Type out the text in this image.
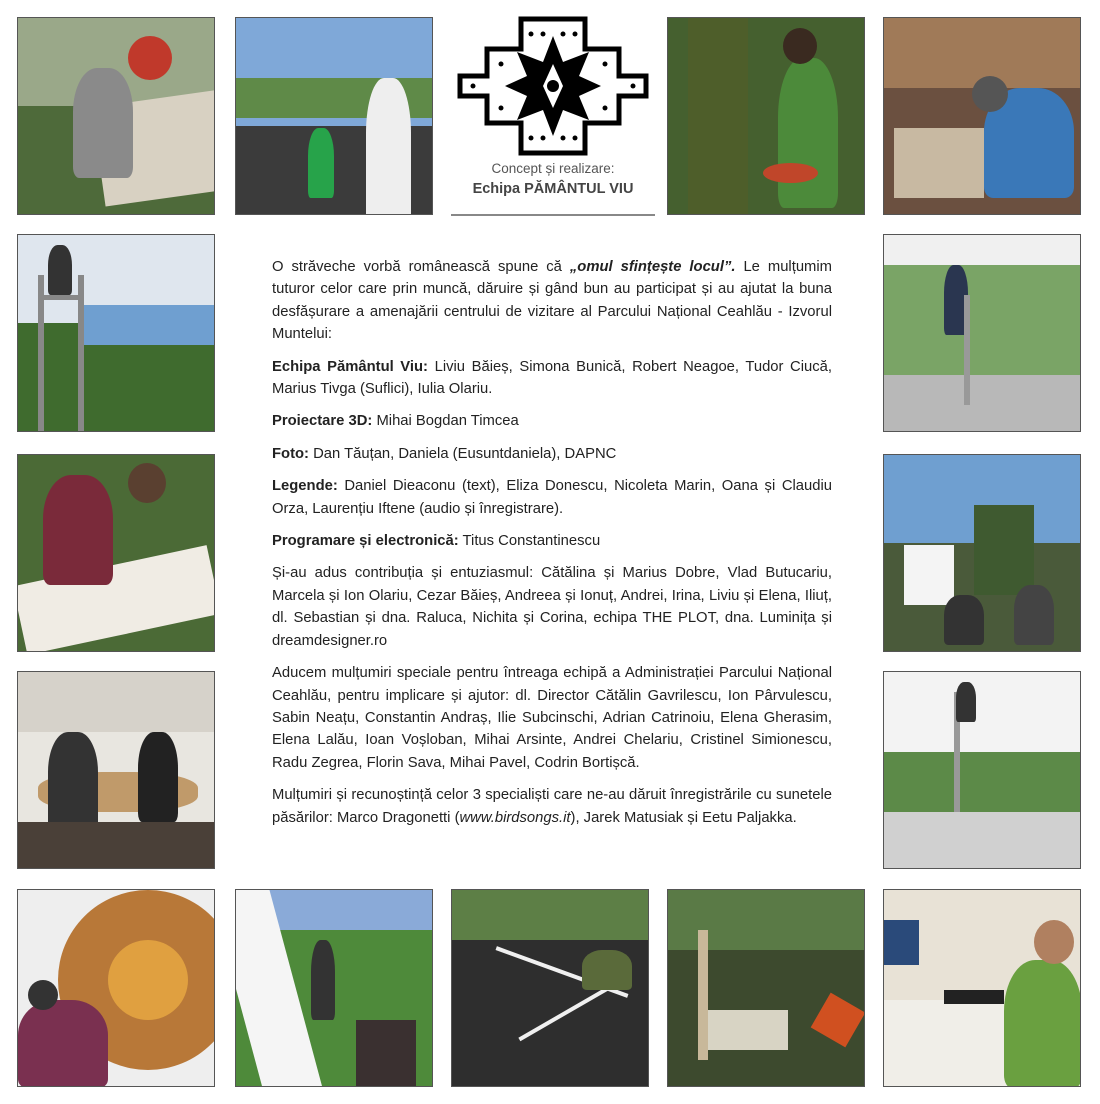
Concept și realizare:
Echipa PĂMÂNTUL VIU

O străveche vorbă românească spune că „omul sfințește locul”. Le mulțumim tuturor celor care prin muncă, dăruire și gând bun au participat și au ajutat la buna desfășurare a amenajării centrului de vizitare al Parcului Național Ceahlău - Izvorul Muntelui:

Echipa Pământul Viu: Liviu Băieș, Simona Bunică, Robert Neagoe, Tudor Ciucă, Marius Tivga (Suflici), Iulia Olariu.

Proiectare 3D: Mihai Bogdan Timcea

Foto: Dan Tăuțan, Daniela (Eusuntdaniela), DAPNC

Legende: Daniel Dieaconu (text), Eliza Donescu, Nicoleta Marin, Oana și Claudiu Orza, Laurențiu Iftene (audio și înregistrare).

Programare și electronică: Titus Constantinescu

Și-au adus contribuția și entuziasmul: Cătălina și Marius Dobre, Vlad Butucariu, Marcela și Ion Olariu, Cezar Băieș, Andreea și Ionuț, Andrei, Irina, Liviu și Elena, Iliuț, dl. Sebastian și dna. Raluca, Nichita și Corina, echipa THE PLOT, dna. Luminița și dreamdesigner.ro

Aducem mulțumiri speciale pentru întreaga echipă a Administrației Parcului Național Ceahlău, pentru implicare și ajutor: dl. Director Cătălin Gavrilescu, Ion Pârvulescu, Sabin Neațu, Constantin Andraș, Ilie Subcinschi, Adrian Catrinoiu, Elena Gherasim, Elena Lalău, Ioan Voșloban, Mihai Arsinte, Andrei Chelariu, Cristinel Simionescu, Radu Zegrea, Florin Sava, Mihai Pavel, Codrin Bortișcă.

Mulțumiri și recunoștință celor 3 specialiști care ne-au dăruit înregistrările cu sunetele păsărilor: Marco Dragonetti (www.birdsongs.it), Jarek Matusiak și Eetu Paljakka.
